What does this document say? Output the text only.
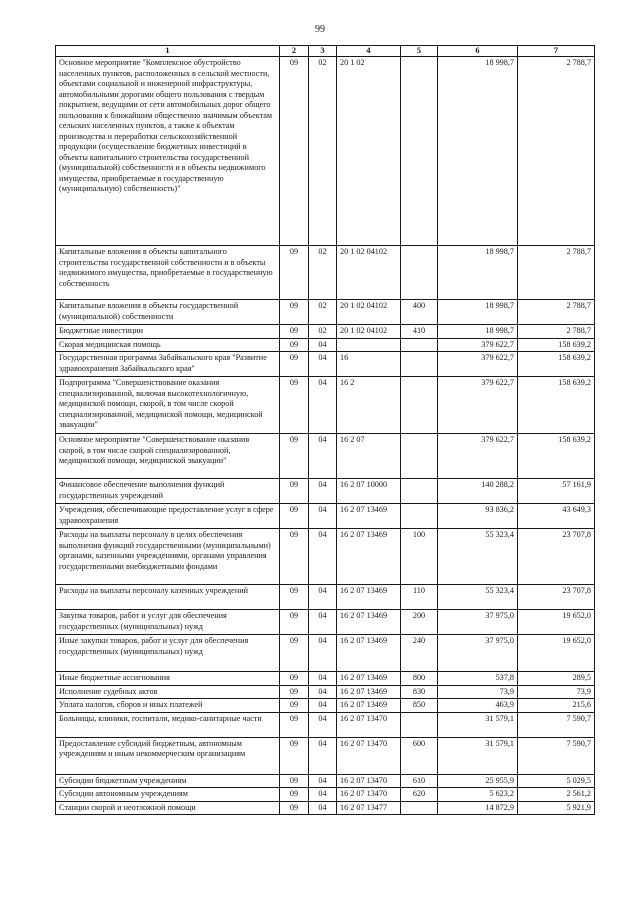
99
1	2	3	4	5	6	7
Основное мероприятие "Комплексное обустройство населенных пунктов, расположенных в сельской местности, объектами социальной и инженерной инфраструктуры, автомобильными дорогами общего пользования с твердым покрытием, ведущими от сети автомобильных дорог общего пользования к ближайшим общественно значимым объектам сельских населенных пунктов, а также к объектам производства и переработки сельскохозяйственной продукции (осуществление бюджетных инвестиций в объекты капитального строительства государственной (муниципальной) собственности и в объекты недвижимого имущества, приобретаемые в государственную (муниципальную) собственность)"	09	02	20 1 02		18 998,7	2 788,7
Капитальные вложения в объекты капитального строительства государственной собственности и в объекты недвижимого имущества, приобретаемые в государственную собственность	09	02	20 1 02 04102		18 998,7	2 788,7
Капитальные вложения в объекты государственной (муниципальной) собственности	09	02	20 1 02 04102	400	18 998,7	2 788,7
Бюджетные инвестиции	09	02	20 1 02 04102	410	18 998,7	2 788,7
Скорая медицинская помощь	09	04			379 622,7	158 639,2
Государственная программа Забайкальского края "Развитие здравоохранения Забайкальского края"	09	04	16		379 622,7	158 639,2
Подпрограмма "Совершенствование оказания специализированной, включая высокотехнологичную, медицинской помощи, скорой, в том числе скорой специализированной, медицинской помощи, медицинской эвакуации"	09	04	16 2		379 622,7	158 639,2
Основное мероприятие "Совершенствование оказания скорой, в том числе скорой специализированной, медицинской помощи, медицинской эвакуации"	09	04	16 2 07		379 622,7	158 639,2
Финансовое обеспечение выполнения функций государственных учреждений	09	04	16 2 07 10000		140 288,2	57 161,9
Учреждения, обеспечивающие предоставление услуг в сфере здравоохранения	09	04	16 2 07 13469		93 836,2	43 649,3
Расходы на выплаты персоналу в целях обеспечения выполнения функций государственными (муниципальными) органами, казенными учреждениями, органами управления государственными внебюджетными фондами	09	04	16 2 07 13469	100	55 323,4	23 707,8
Расходы на выплаты персоналу казенных учреждений	09	04	16 2 07 13469	110	55 323,4	23 707,8
Закупка товаров, работ и услуг для обеспечения государственных (муниципальных) нужд	09	04	16 2 07 13469	200	37 975,0	19 652,0
Иные закупки товаров, работ и услуг для обеспечения государственных (муниципальных) нужд	09	04	16 2 07 13469	240	37 975,0	19 652,0
Иные бюджетные ассигнования	09	04	16 2 07 13469	800	537,8	289,5
Исполнение судебных актов	09	04	16 2 07 13469	830	73,9	73,9
Уплата налогов, сборов и иных платежей	09	04	16 2 07 13469	850	463,9	215,6
Больницы, клиники, госпитали, медико-санитарные части	09	04	16 2 07 13470		31 579,1	7 590,7
Предоставление субсидий бюджетным, автономным учреждениям и иным некоммерческим организациям	09	04	16 2 07 13470	600	31 579,1	7 590,7
Субсидии бюджетным учреждениям	09	04	16 2 07 13470	610	25 955,9	5 029,5
Субсидии автономным учреждениям	09	04	16 2 07 13470	620	5 623,2	2 561,2
Станции скорой и неотложной помощи	09	04	16 2 07 13477		14 872,9	5 921,9
